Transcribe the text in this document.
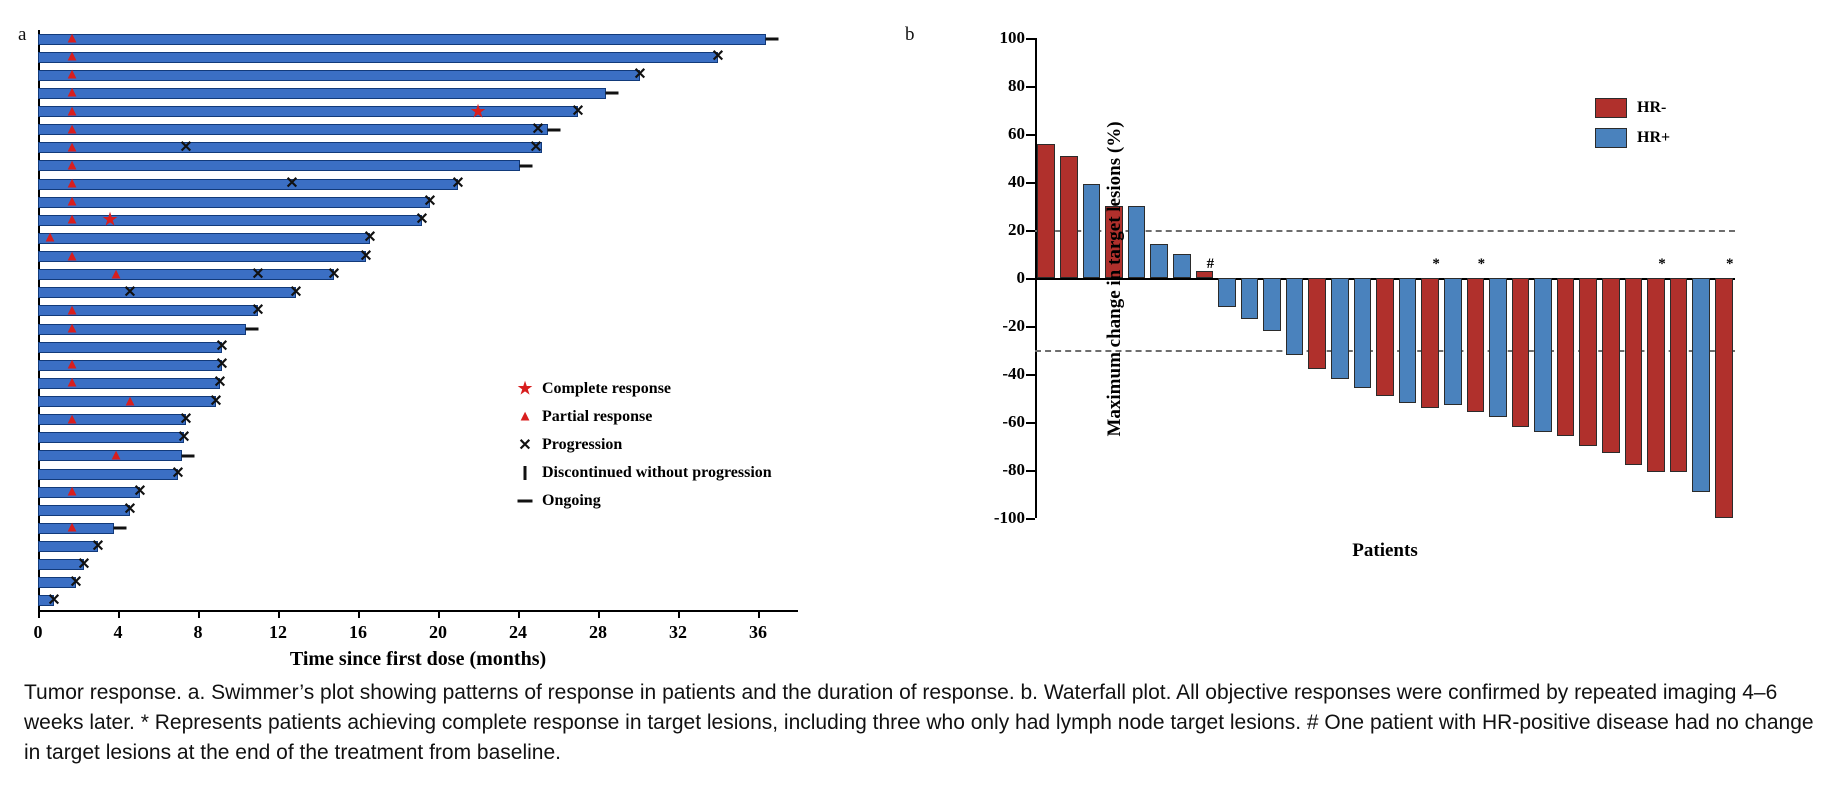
a
0	4	8	12	16	20	24	28	32	36
▲
▲	✕
▲	✕
▲
▲	★	✕
▲	✕
▲	✕	✕
▲
▲	✕	✕
▲	✕
▲ ★	✕
▲	✕
▲	✕
▲	✕	✕
✕	✕
▲	✕
▲
✕
▲	✕
▲	✕
▲	✕
▲	✕
✕
▲
✕
▲	✕
✕
▲
✕
✕
✕
✕
★ Complete response
▲ Partial response
✕ Progression
Discontinued without progression
Ongoing
Time since first dose (months)
b
-100
-80
-60
-40
-20
0
20
40
60
80
100
#	*	*	*	*
HR-
HR+
Maximum change in target lesions (%)
Patients
Tumor response. a. Swimmer’s plot showing patterns of response in patients and the duration of response. b. Waterfall plot. All objective responses were confirmed by repeated imaging 4–6 weeks later. * Represents patients achieving complete response in target lesions, including three who only had lymph node target lesions. # One patient with HR-positive disease had no change in target lesions at the end of the treatment from baseline.
